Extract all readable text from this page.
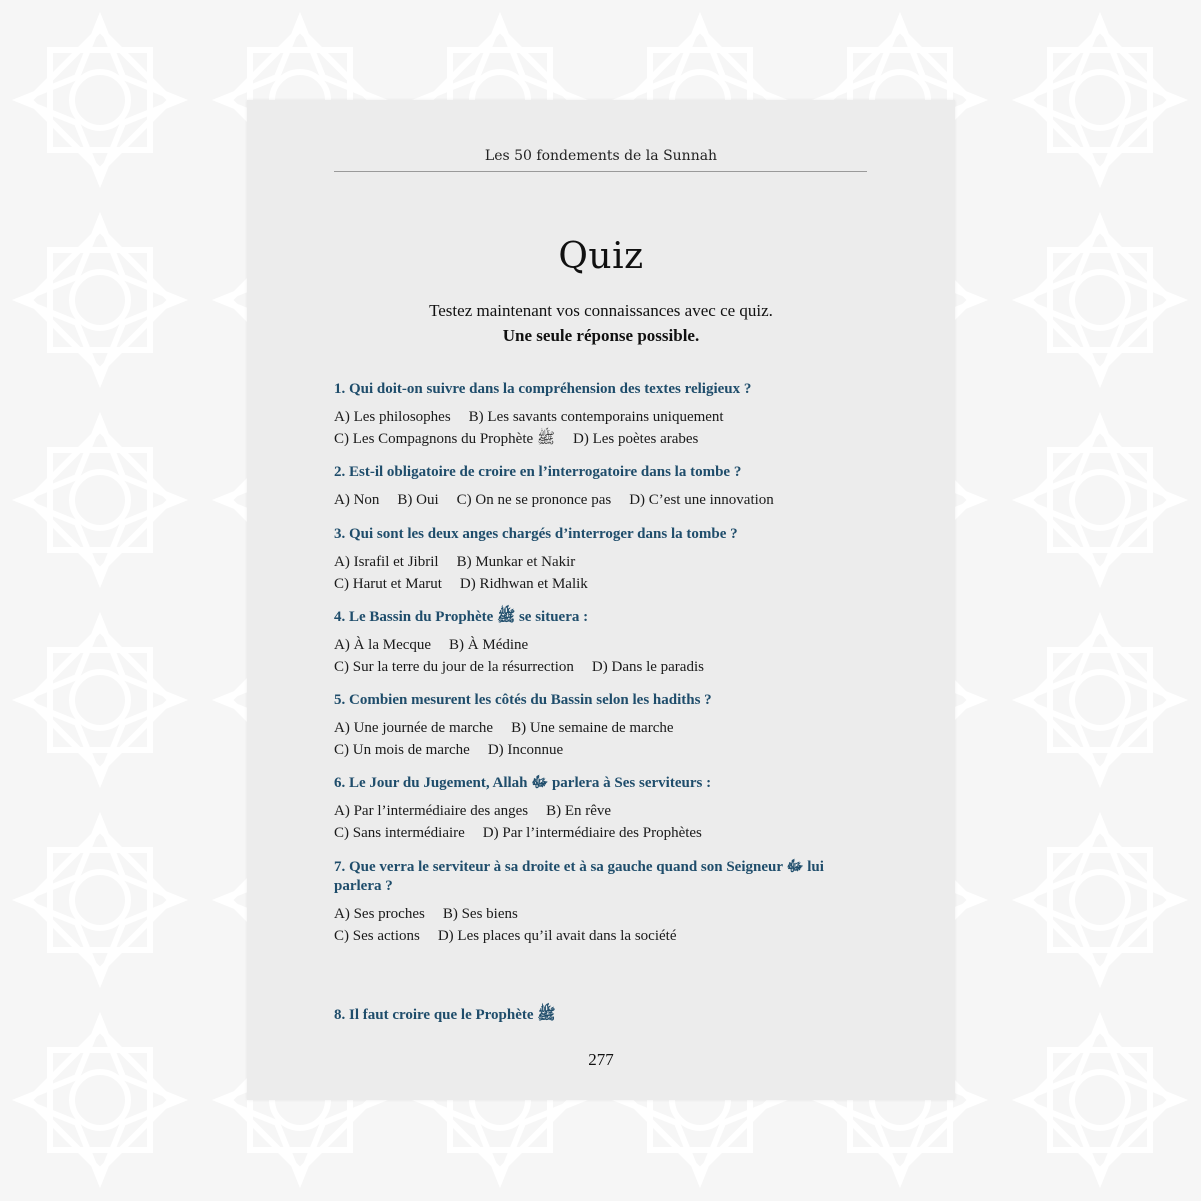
Les 50 fondements de la Sunnah
Quiz
Testez maintenant vos connaissances avec ce quiz.
Une seule réponse possible.
1. Qui doit-on suivre dans la compréhension des textes religieux ?
A) Les philosophes B) Les savants contemporains uniquement
C) Les Compagnons du Prophète ﷺ D) Les poètes arabes
2. Est-il obligatoire de croire en l’interrogatoire dans la tombe ?
A) Non B) Oui C) On ne se prononce pas D) C’est une innovation
3. Qui sont les deux anges chargés d’interroger dans la tombe ?
A) Israfil et Jibril B) Munkar et Nakir
C) Harut et Marut D) Ridhwan et Malik
4. Le Bassin du Prophète ﷺ se situera :
A) À la Mecque B) À Médine
C) Sur la terre du jour de la résurrection D) Dans le paradis
5. Combien mesurent les côtés du Bassin selon les hadiths ?
A) Une journée de marche B) Une semaine de marche
C) Un mois de marche D) Inconnue
6. Le Jour du Jugement, Allah ﷻ parlera à Ses serviteurs :
A) Par l’intermédiaire des anges B) En rêve
C) Sans intermédiaire D) Par l’intermédiaire des Prophètes
7. Que verra le serviteur à sa droite et à sa gauche quand son Seigneur ﷻ lui parlera ?
A) Ses proches B) Ses biens
C) Ses actions D) Les places qu’il avait dans la société
8. Il faut croire que le Prophète ﷺ
277
